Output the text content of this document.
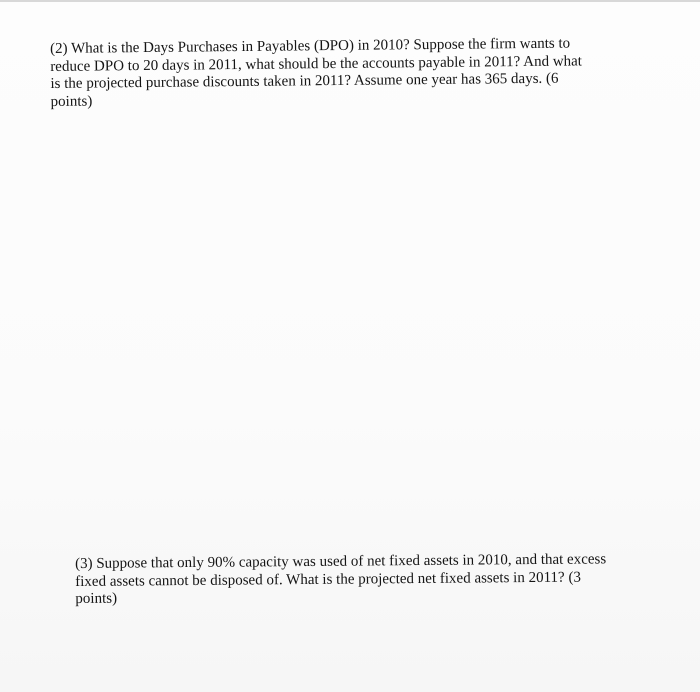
(2) What is the Days Purchases in Payables (DPO) in 2010? Suppose the firm wants to
reduce DPO to 20 days in 2011, what should be the accounts payable in 2011? And what
is the projected purchase discounts taken in 2011? Assume one year has 365 days. (6
points)
(3) Suppose that only 90% capacity was used of net fixed assets in 2010, and that excess
fixed assets cannot be disposed of. What is the projected net fixed assets in 2011? (3
points)
